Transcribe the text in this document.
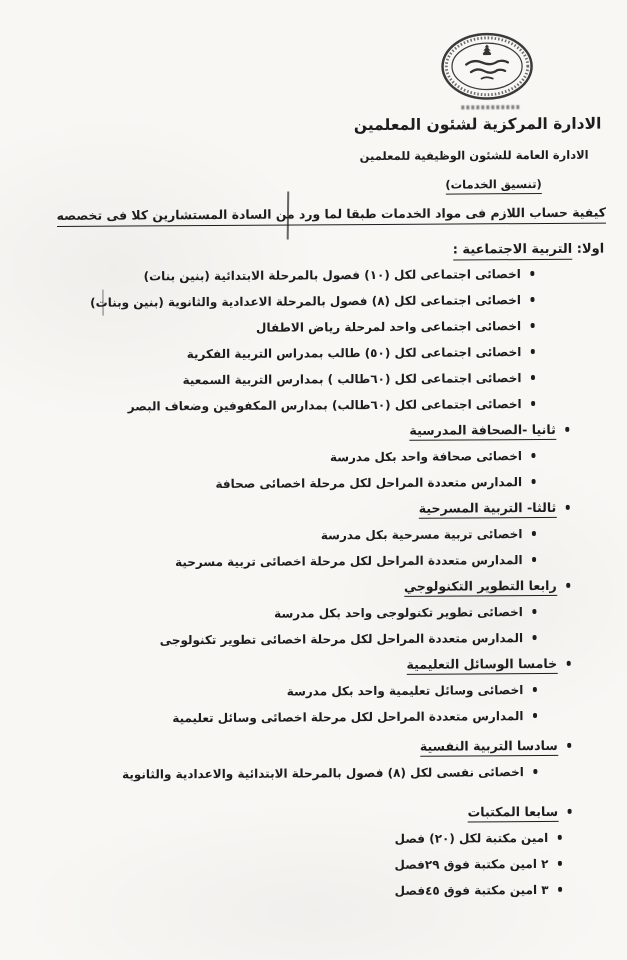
الادارة المركزية لشئون المعلمين
الادارة العامة للشئون الوظيفية للمعلمين
(تنسيق الخدمات)
كيفية حساب اللازم فى مواد الخدمات طبقا لما ورد من السادة المستشارين كلا فى تخصصه
اولا: التربية الاجتماعية :
اخصائى اجتماعى لكل (١٠) فصول بالمرحلة الابتدائية (بنين بنات)
اخصائى اجتماعى لكل (٨) فصول بالمرحلة الاعدادية والثانوية (بنين وبنات)
اخصائى اجتماعى واحد لمرحلة رياض الاطفال
اخصائى اجتماعى لكل (٥٠) طالب بمدراس التربية الفكرية
اخصائى اجتماعى لكل (٦٠طالب ) بمدارس التربية السمعية
اخصائى اجتماعى لكل (٦٠طالب) بمدارس المكفوفين وضعاف البصر
ثانيا -الصحافة المدرسية
اخصائى صحافة واحد بكل مدرسة
المدارس متعددة المراحل لكل مرحلة اخصائى صحافة
ثالثا- التربية المسرحية
اخصائى تربية مسرحية بكل مدرسة
المدارس متعددة المراحل لكل مرحلة اخصائى تربية مسرحية
رابعا التطوير التكنولوجي
اخصائى تطوير تكنولوجى واحد بكل مدرسة
المدارس متعددة المراحل لكل مرحلة اخصائى تطوير تكنولوجى
خامسا الوسائل التعليمية
اخصائى وسائل تعليمية واحد بكل مدرسة
المدارس متعددة المراحل لكل مرحلة اخصائى وسائل تعليمية
سادسا التربية النفسية
اخصائى نفسى لكل (٨) فصول بالمرحلة الابتدائية والاعدادية والثانوية
سابعا المكتبات
امين مكتبة لكل (٢٠) فصل
٢ امين مكتبة فوق ٢٩فصل
٣ امين مكتبة فوق ٤٥فصل
